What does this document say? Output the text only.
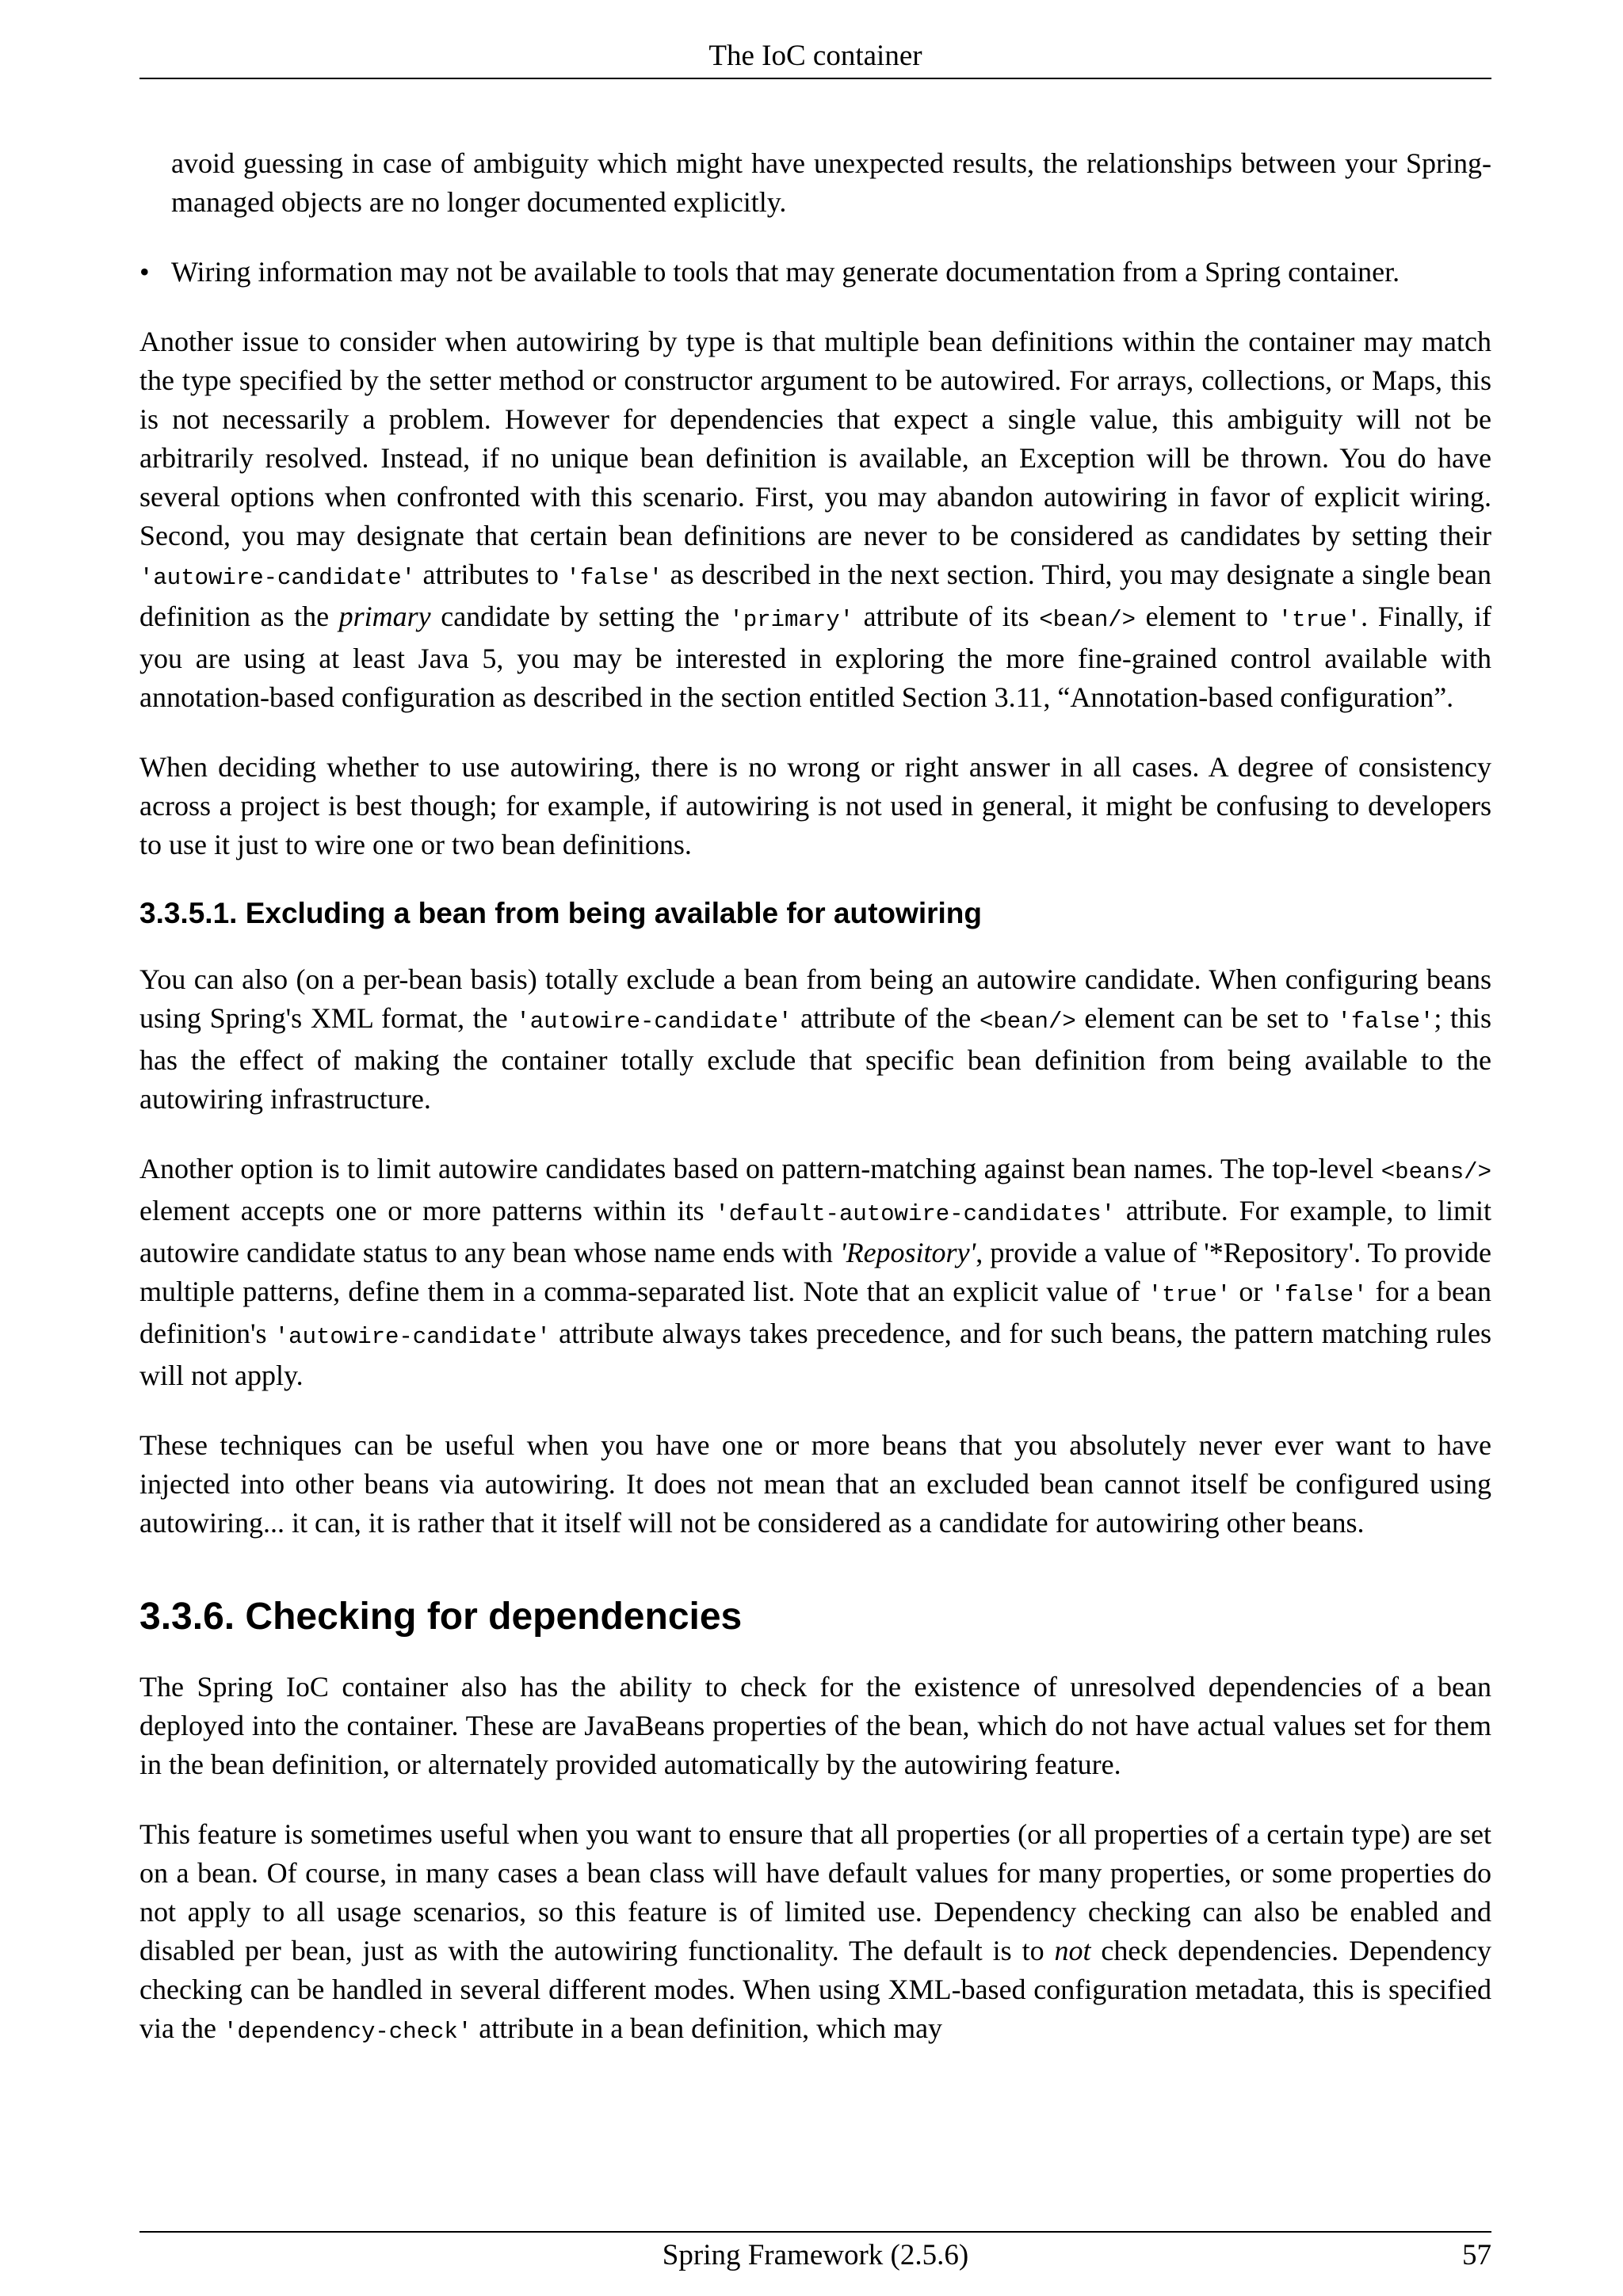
The IoC container

avoid guessing in case of ambiguity which might have unexpected results, the relationships between your Spring-managed objects are no longer documented explicitly.

• Wiring information may not be available to tools that may generate documentation from a Spring container.

Another issue to consider when autowiring by type is that multiple bean definitions within the container may match the type specified by the setter method or constructor argument to be autowired. For arrays, collections, or Maps, this is not necessarily a problem. However for dependencies that expect a single value, this ambiguity will not be arbitrarily resolved. Instead, if no unique bean definition is available, an Exception will be thrown. You do have several options when confronted with this scenario. First, you may abandon autowiring in favor of explicit wiring. Second, you may designate that certain bean definitions are never to be considered as candidates by setting their 'autowire-candidate' attributes to 'false' as described in the next section. Third, you may designate a single bean definition as the primary candidate by setting the 'primary' attribute of its <bean/> element to 'true'. Finally, if you are using at least Java 5, you may be interested in exploring the more fine-grained control available with annotation-based configuration as described in the section entitled Section 3.11, “Annotation-based configuration”.

When deciding whether to use autowiring, there is no wrong or right answer in all cases. A degree of consistency across a project is best though; for example, if autowiring is not used in general, it might be confusing to developers to use it just to wire one or two bean definitions.

3.3.5.1. Excluding a bean from being available for autowiring

You can also (on a per-bean basis) totally exclude a bean from being an autowire candidate. When configuring beans using Spring's XML format, the 'autowire-candidate' attribute of the <bean/> element can be set to 'false'; this has the effect of making the container totally exclude that specific bean definition from being available to the autowiring infrastructure.

Another option is to limit autowire candidates based on pattern-matching against bean names. The top-level <beans/> element accepts one or more patterns within its 'default-autowire-candidates' attribute. For example, to limit autowire candidate status to any bean whose name ends with 'Repository', provide a value of '*Repository'. To provide multiple patterns, define them in a comma-separated list. Note that an explicit value of 'true' or 'false' for a bean definition's 'autowire-candidate' attribute always takes precedence, and for such beans, the pattern matching rules will not apply.

These techniques can be useful when you have one or more beans that you absolutely never ever want to have injected into other beans via autowiring. It does not mean that an excluded bean cannot itself be configured using autowiring... it can, it is rather that it itself will not be considered as a candidate for autowiring other beans.

3.3.6. Checking for dependencies

The Spring IoC container also has the ability to check for the existence of unresolved dependencies of a bean deployed into the container. These are JavaBeans properties of the bean, which do not have actual values set for them in the bean definition, or alternately provided automatically by the autowiring feature.

This feature is sometimes useful when you want to ensure that all properties (or all properties of a certain type) are set on a bean. Of course, in many cases a bean class will have default values for many properties, or some properties do not apply to all usage scenarios, so this feature is of limited use. Dependency checking can also be enabled and disabled per bean, just as with the autowiring functionality. The default is to not check dependencies. Dependency checking can be handled in several different modes. When using XML-based configuration metadata, this is specified via the 'dependency-check' attribute in a bean definition, which may

Spring Framework (2.5.6)	57
